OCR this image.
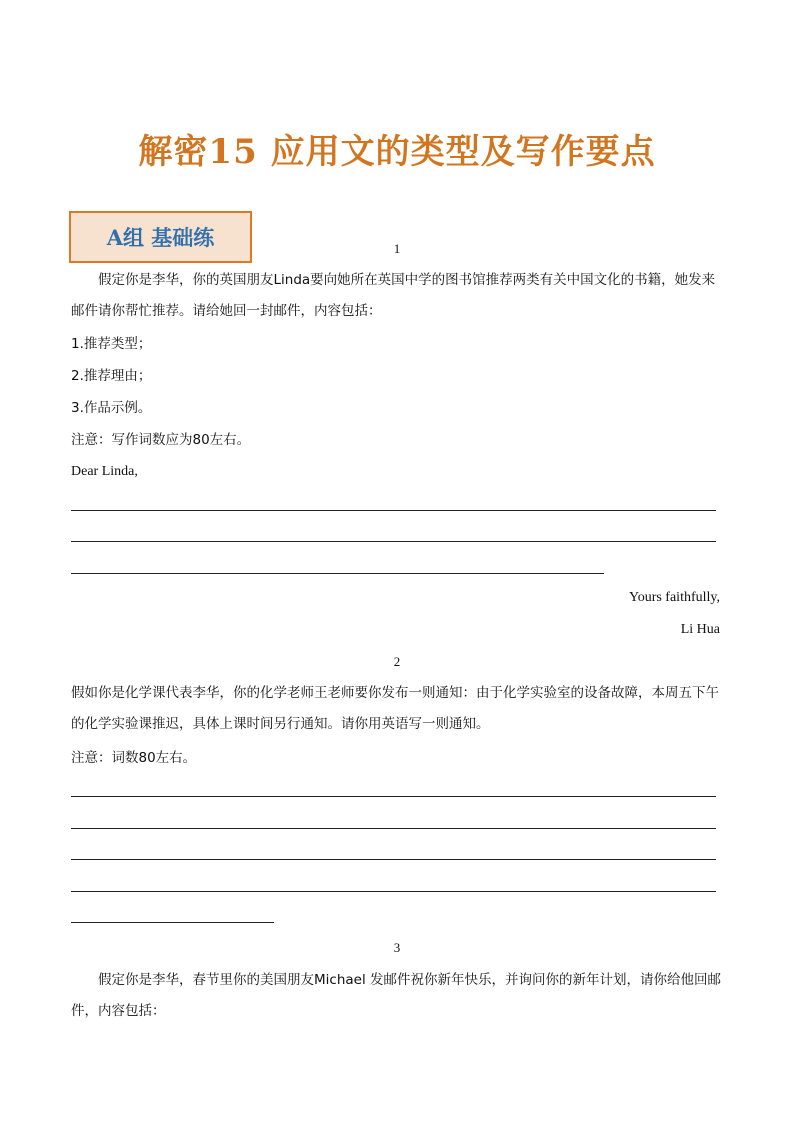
解密15 应用文的类型及写作要点
A组 基础练	1
假定你是李华，你的英国朋友Linda要向她所在英国中学的图书馆推荐两类有关中国文化的书籍，她发来邮件请你帮忙推荐。请给她回一封邮件，内容包括：
1.推荐类型；
2.推荐理由；
3.作品示例。
注意：写作词数应为80左右。
Dear Linda,
Yours faithfully,
Li Hua
2
假如你是化学课代表李华，你的化学老师王老师要你发布一则通知：由于化学实验室的设备故障，本周五下午的化学实验课推迟，具体上课时间另行通知。请你用英语写一则通知。
注意：词数80左右。
3
假定你是李华，春节里你的美国朋友Michael 发邮件祝你新年快乐，并询问你的新年计划，请你给他回邮件，内容包括：
